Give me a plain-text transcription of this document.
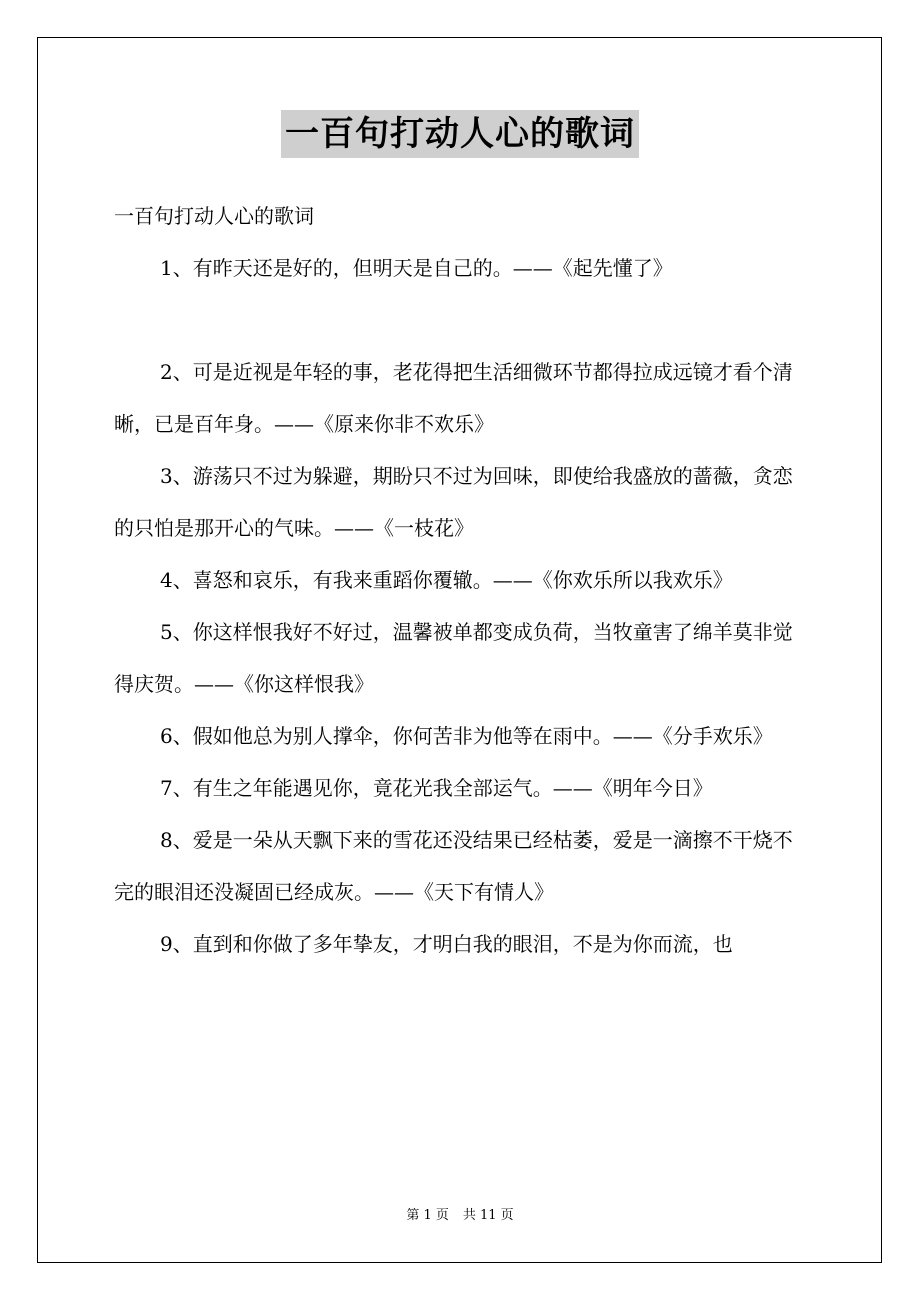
一百句打动人心的歌词

一百句打动人心的歌词

1、有昨天还是好的，但明天是自己的。——《起先懂了》

2、可是近视是年轻的事，老花得把生活细微环节都得拉成远镜才看个清晰，已是百年身。——《原来你非不欢乐》

3、游荡只不过为躲避，期盼只不过为回味，即使给我盛放的蔷薇，贪恋的只怕是那开心的气味。——《一枝花》

4、喜怒和哀乐，有我来重蹈你覆辙。——《你欢乐所以我欢乐》

5、你这样恨我好不好过，温馨被单都变成负荷，当牧童害了绵羊莫非觉得庆贺。——《你这样恨我》

6、假如他总为别人撑伞，你何苦非为他等在雨中。——《分手欢乐》

7、有生之年能遇见你，竟花光我全部运气。——《明年今日》

8、爱是一朵从天飘下来的雪花还没结果已经枯萎，爱是一滴擦不干烧不完的眼泪还没凝固已经成灰。——《天下有情人》

9、直到和你做了多年挚友，才明白我的眼泪，不是为你而流，也

第 1 页 共 11 页
